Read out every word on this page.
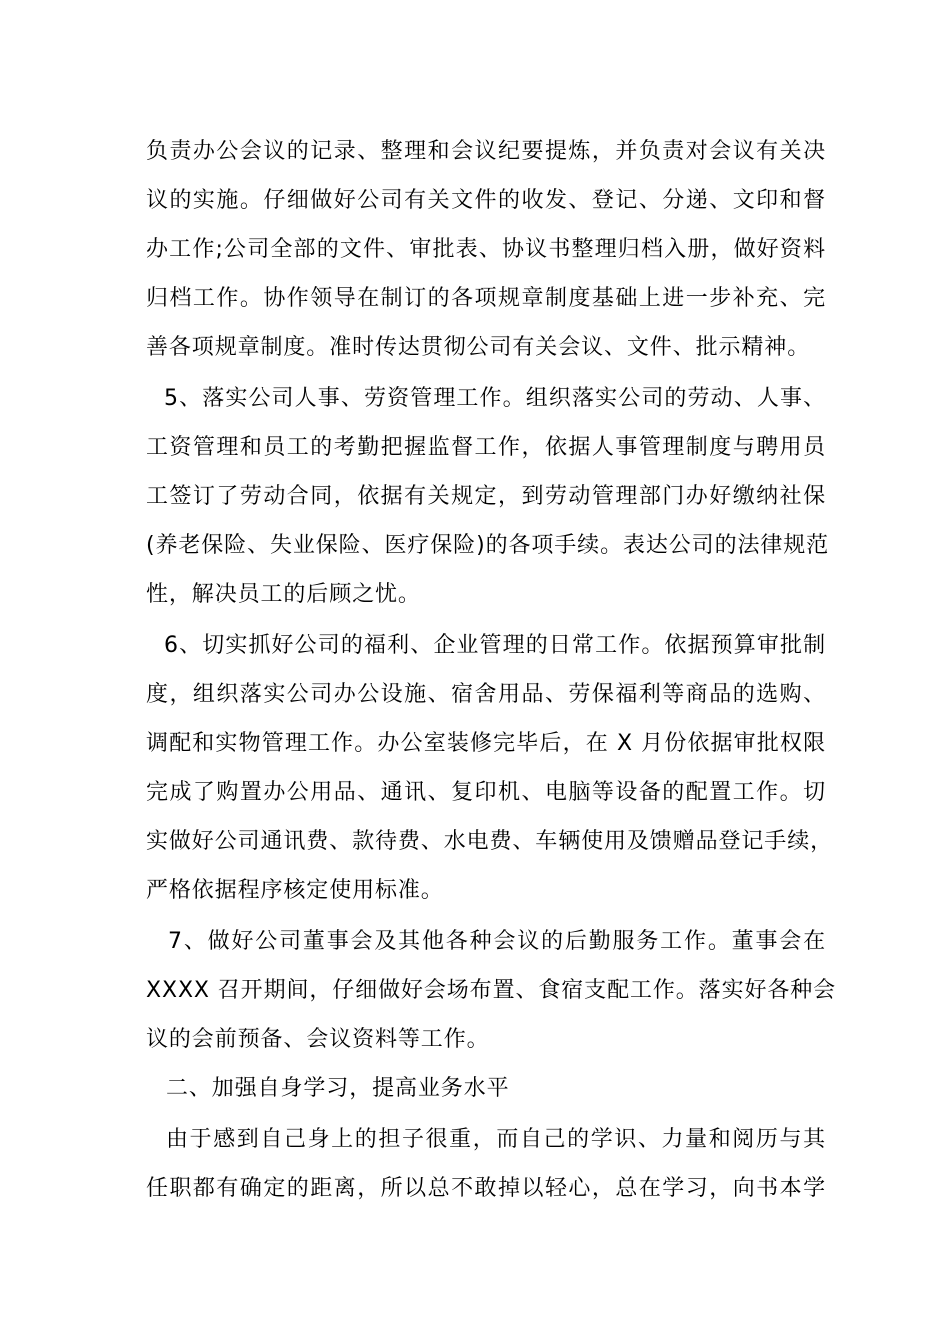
负责办公会议的记录、整理和会议纪要提炼，并负责对会议有关决
议的实施。仔细做好公司有关文件的收发、登记、分递、文印和督
办工作;公司全部的文件、审批表、协议书整理归档入册，做好资料
归档工作。协作领导在制订的各项规章制度基础上进一步补充、完
善各项规章制度。准时传达贯彻公司有关会议、文件、批示精神。
5、落实公司人事、劳资管理工作。组织落实公司的劳动、人事、
工资管理和员工的考勤把握监督工作，依据人事管理制度与聘用员
工签订了劳动合同，依据有关规定，到劳动管理部门办好缴纳社保
(养老保险、失业保险、医疗保险)的各项手续。表达公司的法律规范
性，解决员工的后顾之忧。
6、切实抓好公司的福利、企业管理的日常工作。依据预算审批制
度，组织落实公司办公设施、宿舍用品、劳保福利等商品的选购、
调配和实物管理工作。办公室装修完毕后，在 X 月份依据审批权限
完成了购置办公用品、通讯、复印机、电脑等设备的配置工作。切
实做好公司通讯费、款待费、水电费、车辆使用及馈赠品登记手续，
严格依据程序核定使用标准。
7、做好公司董事会及其他各种会议的后勤服务工作。董事会在
XXXX 召开期间，仔细做好会场布置、食宿支配工作。落实好各种会
议的会前预备、会议资料等工作。
二、加强自身学习，提高业务水平
由于感到自己身上的担子很重，而自己的学识、力量和阅历与其
任职都有确定的距离，所以总不敢掉以轻心，总在学习，向书本学
